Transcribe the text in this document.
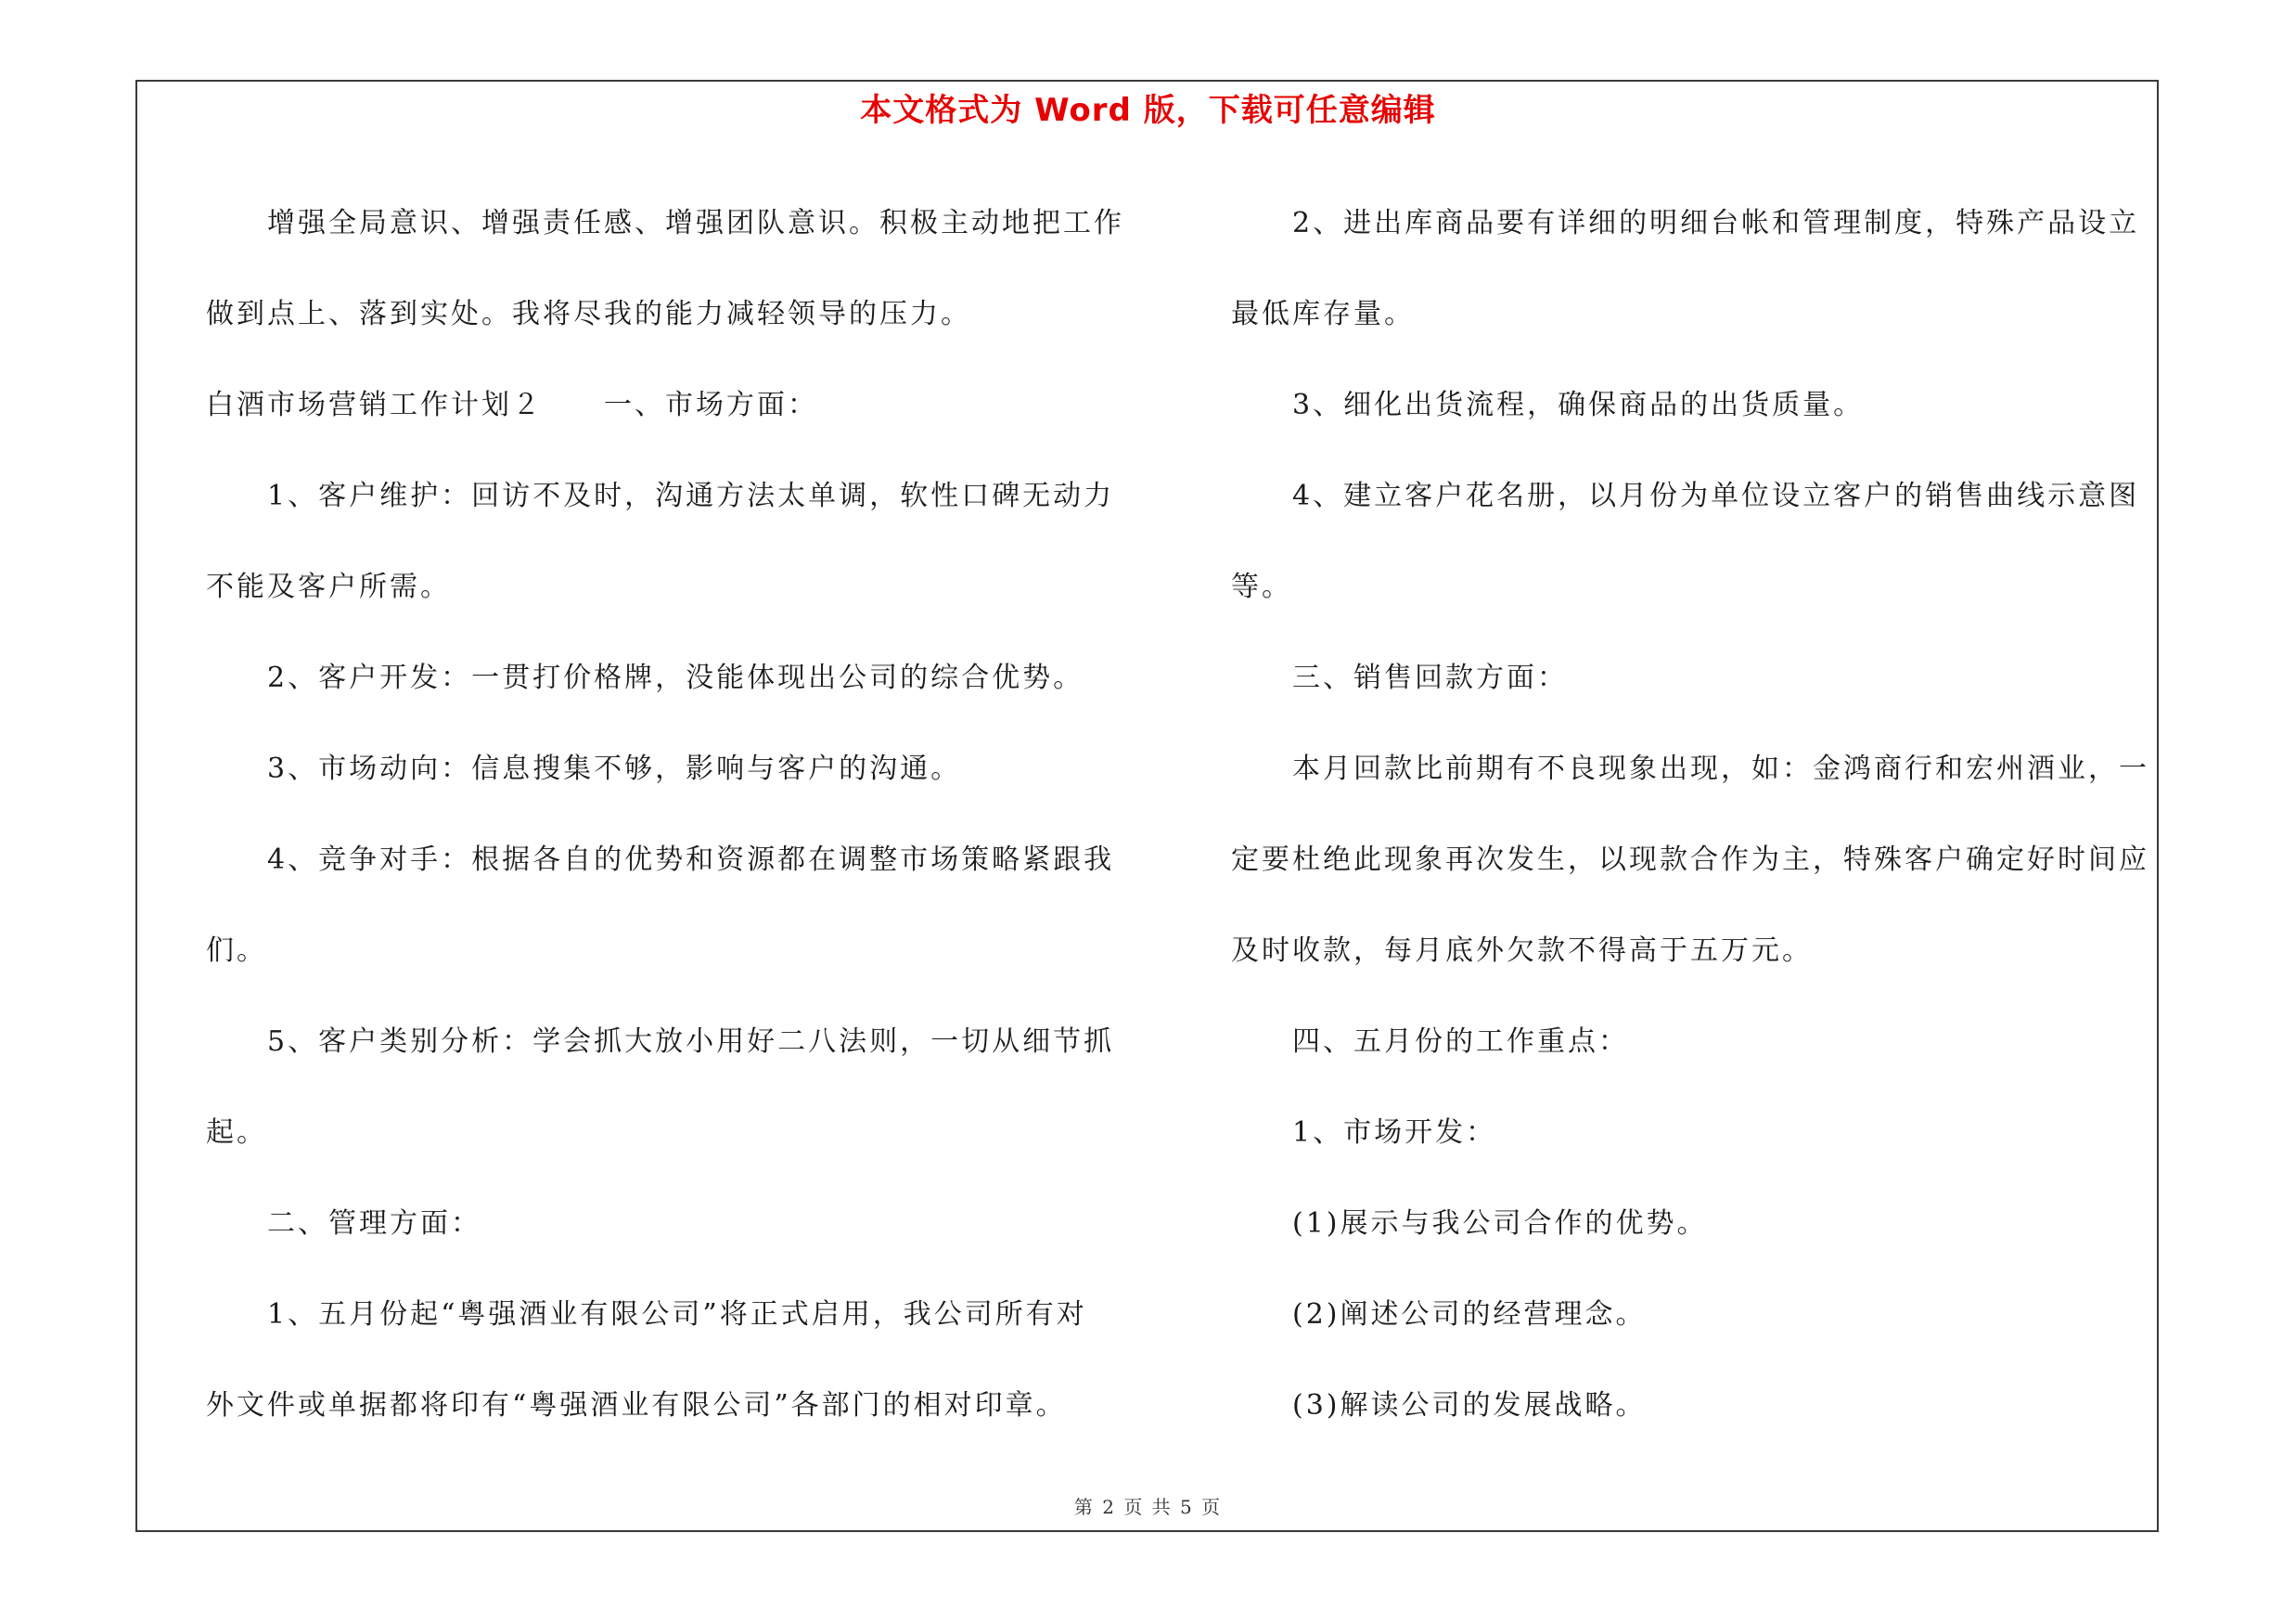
本文格式为 Word 版，下载可任意编辑
增强全局意识、增强责任感、增强团队意识。积极主动地把工作
做到点上、落到实处。我将尽我的能力减轻领导的压力。
白酒市场营销工作计划２　　一、市场方面：
1、客户维护：回访不及时，沟通方法太单调，软性口碑无动力
不能及客户所需。
2、客户开发：一贯打价格牌，没能体现出公司的综合优势。
3、市场动向：信息搜集不够，影响与客户的沟通。
4、竞争对手：根据各自的优势和资源都在调整市场策略紧跟我
们。
5、客户类别分析：学会抓大放小用好二八法则，一切从细节抓
起。
二、管理方面：
1、五月份起“粤强酒业有限公司”将正式启用，我公司所有对
外文件或单据都将印有“粤强酒业有限公司”各部门的相对印章。
2、进出库商品要有详细的明细台帐和管理制度，特殊产品设立
最低库存量。
3、细化出货流程，确保商品的出货质量。
4、建立客户花名册，以月份为单位设立客户的销售曲线示意图
等。
三、销售回款方面：
本月回款比前期有不良现象出现，如：金鸿商行和宏州酒业，一
定要杜绝此现象再次发生，以现款合作为主，特殊客户确定好时间应
及时收款，每月底外欠款不得高于五万元。
四、五月份的工作重点：
1、市场开发：
(1)展示与我公司合作的优势。
(2)阐述公司的经营理念。
(3)解读公司的发展战略。
第 2 页 共 5 页
